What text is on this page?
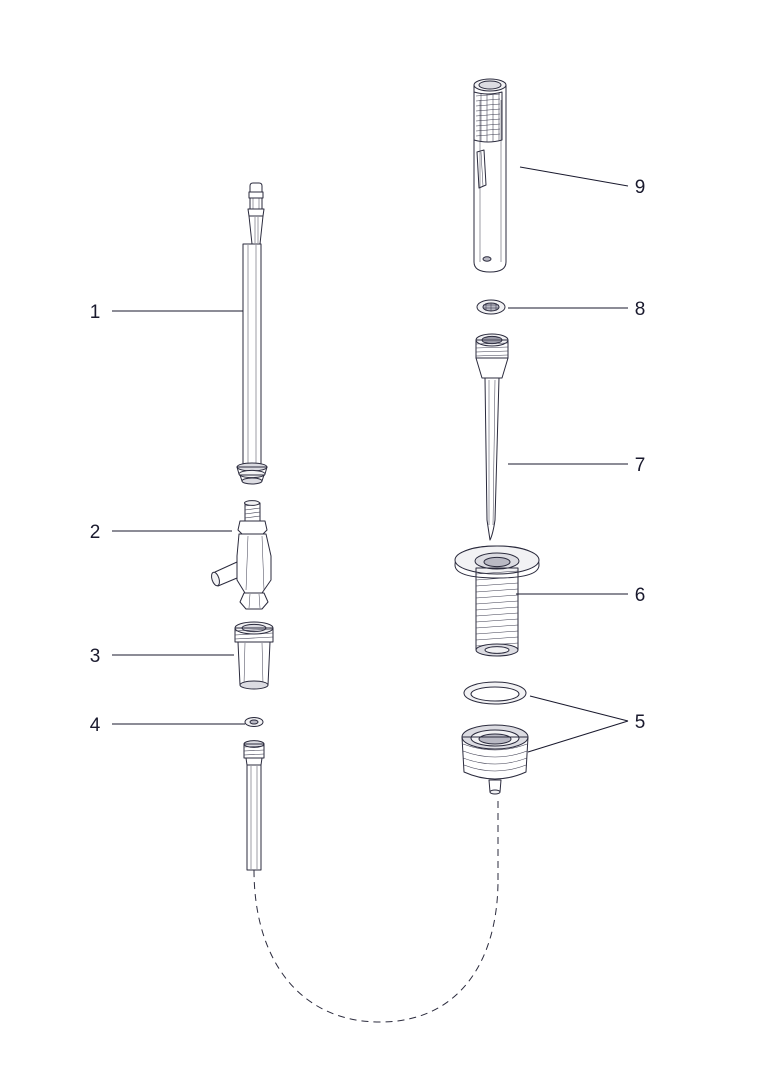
1
2
3
4	5
6
7
8
9
